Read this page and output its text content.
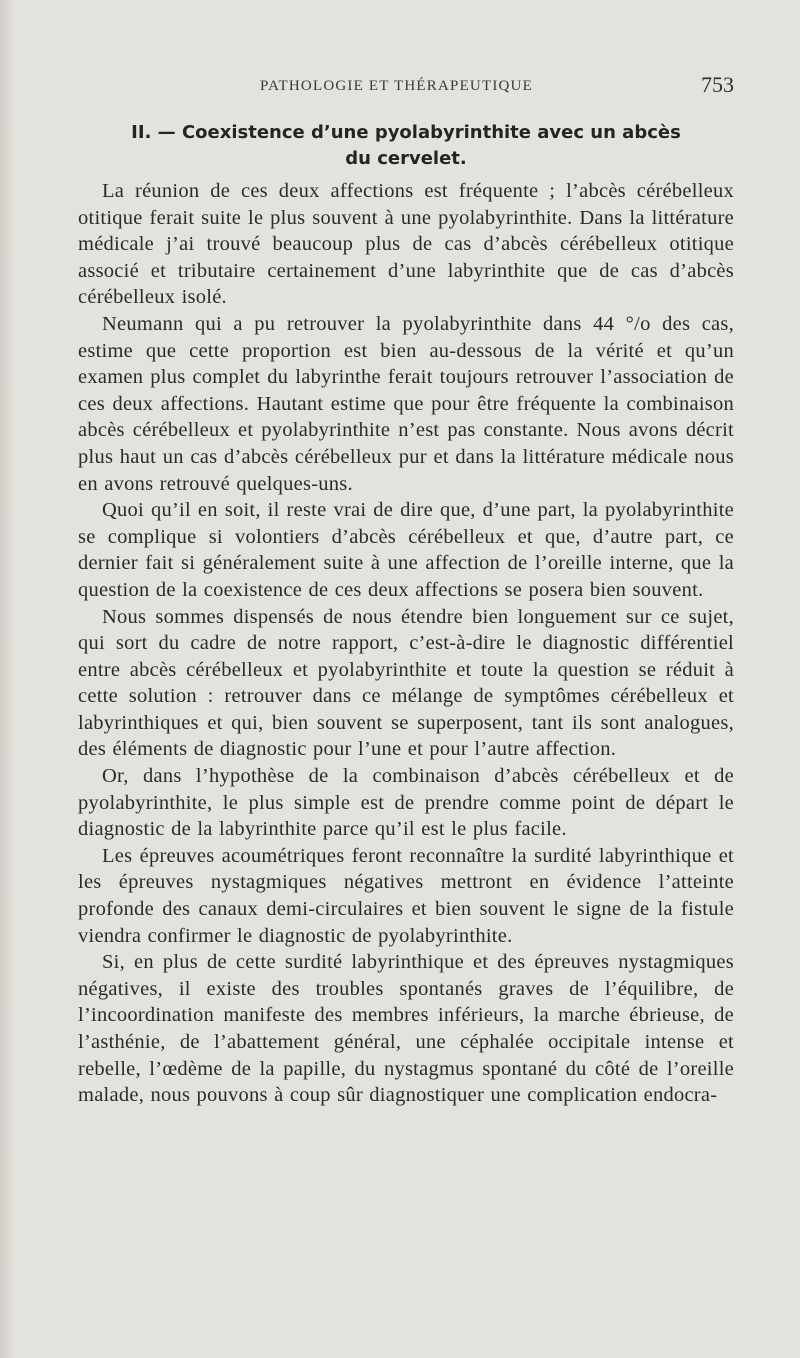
PATHOLOGIE ET THÉRAPEUTIQUE	753
II. — Coexistence d’une pyolabyrinthite avec un abcès
du cervelet.

La réunion de ces deux affections est fréquente ; l’abcès cérébelleux otitique ferait suite le plus souvent à une pyolabyrinthite. Dans la littérature médicale j’ai trouvé beaucoup plus de cas d’abcès cérébelleux otitique associé et tributaire certainement d’une labyrinthite que de cas d’abcès cérébelleux isolé.

Neumann qui a pu retrouver la pyolabyrinthite dans 44 °/o des cas, estime que cette proportion est bien au-dessous de la vérité et qu’un examen plus complet du labyrinthe ferait toujours retrouver l’association de ces deux affections. Hautant estime que pour être fréquente la combinaison abcès cérébelleux et pyolabyrinthite n’est pas constante. Nous avons décrit plus haut un cas d’abcès cérébelleux pur et dans la littérature médicale nous en avons retrouvé quelques-uns.

Quoi qu’il en soit, il reste vrai de dire que, d’une part, la pyolabyrinthite se complique si volontiers d’abcès cérébelleux et que, d’autre part, ce dernier fait si généralement suite à une affection de l’oreille interne, que la question de la coexistence de ces deux affections se posera bien souvent.

Nous sommes dispensés de nous étendre bien longuement sur ce sujet, qui sort du cadre de notre rapport, c’est-à-dire le diagnostic différentiel entre abcès cérébelleux et pyolabyrinthite et toute la question se réduit à cette solution : retrouver dans ce mélange de symptômes cérébelleux et labyrinthiques et qui, bien souvent se superposent, tant ils sont analogues, des éléments de diagnostic pour l’une et pour l’autre affection.

Or, dans l’hypothèse de la combinaison d’abcès cérébelleux et de pyolabyrinthite, le plus simple est de prendre comme point de départ le diagnostic de la labyrinthite parce qu’il est le plus facile.

Les épreuves acoumétriques feront reconnaître la surdité labyrinthique et les épreuves nystagmiques négatives mettront en évidence l’atteinte profonde des canaux demi-circulaires et bien souvent le signe de la fistule viendra confirmer le diagnostic de pyolabyrinthite.

Si, en plus de cette surdité labyrinthique et des épreuves nystagmiques négatives, il existe des troubles spontanés graves de l’équilibre, de l’incoordination manifeste des membres inférieurs, la marche ébrieuse, de l’asthénie, de l’abattement général, une céphalée occipitale intense et rebelle, l’œdème de la papille, du nystagmus spontané du côté de l’oreille malade, nous pouvons à coup sûr diagnostiquer une complication endocra-
